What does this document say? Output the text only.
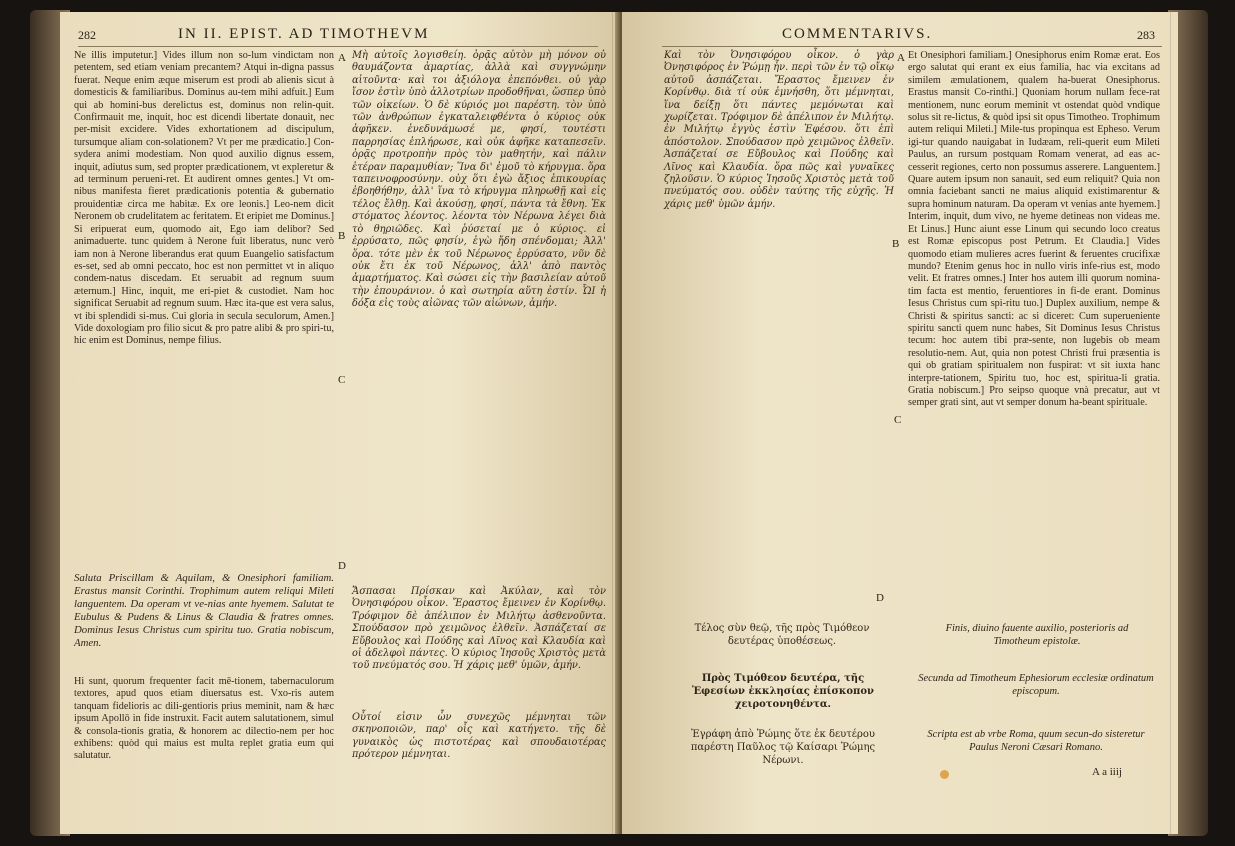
282	IN II. EPIST. AD TIMOTHEVM

Ne illis imputetur.] Vides illum non so-lum vindictam non petentem, sed etiam veniam precantem? Atqui in-digna passus fuerat. Neque enim æque miserum est prodi ab alienis sicut à domesticis & familiaribus. Dominus au-tem mihi adfuit.] Eum qui ab homini-bus derelictus est, dominus non relin-quit. Confirmauit me, inquit, hoc est dicendi libertate donauit, nec per-misit excidere. Vides exhortationem ad discipulum, tursumque aliam con-solationem? Vt per me prædicatio.] Con-sydera animi modestiam. Non quod auxilio dignus essem, inquit, adiutus sum, sed propter prædicationem, vt expleretur & ad terminum perueni-ret. Et audirent omnes gentes.] Vt om-nibus manifesta fieret prædicationis potentia & gubernatio prouidentiæ circa me habitæ. Ex ore leonis.] Leo-nem dicit Neronem ob crudelitatem ac feritatem. Et eripiet me Dominus.] Si eripuerat eum, quomodo ait, Ego iam delibor? Sed animaduerte. tunc quidem à Nerone fuit liberatus, nunc verò iam non à Nerone liberandus erat quum Euangelio satisfactum es-set, sed ab omni peccato, hoc est non permittet vt in aliquo condem-natus discedam. Et seruabit ad regnum suum æternum.] Hinc, inquit, me eri-piet & custodiet. Nam hoc significat Seruabit ad regnum suum. Hæc ita-que est vera salus, vt ibi splendidi si-mus. Cui gloria in secula seculorum, Amen.] Vide doxologiam pro filio sicut & pro patre alibi & pro spiri-tu, hic enim est Dominus, nempe filius.

Saluta Priscillam & Aquilam, & Onesiphori familiam. Erastus mansit Corinthi. Trophimum autem reliqui Mileti languentem. Da operam vt ve-nias ante hyemem. Salutat te Eubulus & Pudens & Linus & Claudia & fratres omnes. Dominus Iesus Christus cum spiritu tuo. Gratia nobiscum, Amen.

Hi sunt, quorum frequenter facit mē-tionem, tabernaculorum textores, apud quos etiam diuersatus est. Vxo-ris autem tanquam fidelioris ac dili-gentioris prius meminit, nam & hæc ipsum Apollō in fide instruxit. Facit autem salutationem, simul & consola-tionis gratia, & honorem ac dilectio-nem per hoc exhibens: quòd qui maius est multa replet gratia eum qui salutatur.

A
B
C
D

Μὴ αὐτοῖς λογισθείη. ὁρᾷς αὐτὸν μὴ μόνον οὐ θαυμάζοντα ἁμαρτίας, ἀλλὰ καὶ συγγνώμην αἰτοῦντα· καὶ τοι ἀξιόλογα ἐπεπόνθει. οὐ γὰρ ἴσον ἐστὶν ὑπὸ ἀλλοτρίων προδοθῆναι, ὥσπερ ὑπὸ τῶν οἰκείων. Ὁ δὲ κύριός μοι παρέστη. τὸν ὑπὸ τῶν ἀνθρώπων ἐγκαταλειφθέντα ὁ κύριος οὐκ ἀφῆκεν. ἐνεδυνάμωσέ με, φησί, τουτέστι παρρησίας ἐπλήρωσε, καὶ οὐκ ἀφῆκε καταπεσεῖν. ὁρᾷς προτροπὴν πρὸς τὸν μαθητήν, καὶ πάλιν ἑτέραν παραμυθίαν; Ἵνα δι' ἐμοῦ τὸ κήρυγμα. ὅρα ταπεινοφροσύνην. οὐχ ὅτι ἐγὼ ἄξιος ἐπικουρίας ἐβοηθήθην, ἀλλ' ἵνα τὸ κήρυγμα πληρωθῇ καὶ εἰς τέλος ἔλθῃ. Καὶ ἀκούσῃ, φησί, πάντα τὰ ἔθνη. Ἐκ στόματος λέοντος. λέοντα τὸν Νέρωνα λέγει διὰ τὸ θηριῶδες. Καὶ ῥύσεταί με ὁ κύριος. εἰ ἐρρύσατο, πῶς φησίν, ἐγὼ ἤδη σπένδομαι; Ἀλλ' ὅρα. τότε μὲν ἐκ τοῦ Νέρωνος ἐρρύσατο, νῦν δὲ οὐκ ἔτι ἐκ τοῦ Νέρωνος, ἀλλ' ἀπὸ παντὸς ἁμαρτήματος. Καὶ σώσει εἰς τὴν βασιλείαν αὐτοῦ τὴν ἐπουράνιον. ὁ καὶ σωτηρία αὕτη ἐστίν. ὯΙ ἡ δόξα εἰς τοὺς αἰῶνας τῶν αἰώνων, ἀμήν.

Ἄσπασαι Πρίσκαν καὶ Ἀκύλαν, καὶ τὸν Ὀνησιφόρου οἶκον. Ἔραστος ἔμεινεν ἐν Κορίνθῳ. Τρόφιμον δὲ ἀπέλιπον ἐν Μιλήτῳ ἀσθενοῦντα. Σπούδασον πρὸ χειμῶνος ἐλθεῖν. Ἀσπάζεταί σε Εὔβουλος καὶ Πούδης καὶ Λῖνος καὶ Κλαυδία καὶ οἱ ἀδελφοὶ πάντες. Ὁ κύριος Ἰησοῦς Χριστὸς μετὰ τοῦ πνεύματός σου. Ἡ χάρις μεθ' ὑμῶν, ἀμήν.

Οὗτοί εἰσιν ὧν συνεχῶς μέμνηται τῶν σκηνοποιῶν, παρ' οἷς καὶ κατήγετο. τῆς δὲ γυναικὸς ὡς πιστοτέρας καὶ σπουδαιοτέρας πρότερον μέμνηται.

COMMENTARIVS.	283

Καὶ τὸν Ὀνησιφόρου οἶκον. ὁ γὰρ Ὀνησιφόρος ἐν Ῥώμῃ ἦν. περὶ τῶν ἐν τῷ οἴκῳ αὐτοῦ ἀσπάζεται. Ἔραστος ἔμεινεν ἐν Κορίνθῳ. διὰ τί οὐκ ἐμνήσθη, ὅτι μέμνηται, ἵνα δείξῃ ὅτι πάντες μεμόνωται καὶ χωρίζεται. Τρόφιμον δὲ ἀπέλιπον ἐν Μιλήτῳ. ἐν Μιλήτῳ ἐγγὺς ἐστὶν Ἐφέσου. ὅτι ἐπὶ ἀπόστολον. Σπούδασον πρὸ χειμῶνος ἐλθεῖν. Ἀσπάζεταί σε Εὔβουλος καὶ Πούδης καὶ Λῖνος καὶ Κλαυδία. ὅρα πῶς καὶ γυναῖκες ζηλοῦσιν. Ὁ κύριος Ἰησοῦς Χριστὸς μετὰ τοῦ πνεύματός σου. οὐδὲν ταύτης τῆς εὐχῆς. Ἡ χάρις μεθ' ὑμῶν ἀμήν.

A
B
C
D

Et Onesiphori familiam.] Onesiphorus enim Romæ erat. Eos ergo salutat qui erant ex eius familia, hac via excitans ad similem æmulationem, qualem ha-buerat Onesiphorus. Erastus mansit Co-rinthi.] Quoniam horum nullam fece-rat mentionem, nunc eorum meminit vt ostendat quòd vndique solus sit re-lictus, & quòd ipsi sit opus Timotheo. Trophimum autem reliqui Mileti.] Mile-tus propinqua est Epheso. Verum igi-tur quando nauigabat in Iudæam, reli-querit eum Mileti Paulus, an rursum postquam Romam venerat, ad eas ac-cesserit regiones, certo non possumus asserere. Languentem.] Quare autem ipsum non sanauit, sed eum reliquit? Quia non omnia faciebant sancti ne maius aliquid existimarentur & supra hominum naturam. Da operam vt venias ante hyemem.] Interim, inquit, dum vivo, ne hyeme detineas non videas me. Et Linus.] Hunc aiunt esse Linum qui secundo loco creatus est Romæ episcopus post Petrum. Et Claudia.] Vides quomodo etiam mulieres acres fuerint & feruentes crucifixæ mundo? Etenim genus hoc in nullo viris infe-rius est, modo velit. Et fratres omnes.] Inter hos autem illi quorum nomina-tim facta est mentio, feruentiores in fi-de erant. Dominus Iesus Christus cum spi-ritu tuo.] Duplex auxilium, nempe & Christi & spiritus sancti: ac si diceret: Cum superueniente spiritu sancti quem nunc habes, Sit Dominus Iesus Christus tecum: hoc autem tibi præ-sente, non lugebis ob meam resolutio-nem. Aut, quia non potest Christi frui præsentia is qui ob gratiam spiritualem non fuspirat: vt sit iuxta hanc interpre-tationem, Spiritu tuo, hoc est, spiritua-li gratia. Gratia nobiscum.] Pro seipso quoque vnà precatur, aut vt semper grati sint, aut vt semper donum ha-beant spirituale.

Τέλος σὺν θεῷ, τῆς πρὸς Τιμόθεον δευτέρας ὑποθέσεως.
Πρὸς Τιμόθεον δευτέρα, τῆς Ἐφεσίων ἐκκλησίας ἐπίσκοπον χειροτονηθέντα.
Ἐγράφη ἀπὸ Ῥώμης ὅτε ἐκ δευτέρου παρέστη Παῦλος τῷ Καίσαρι Ῥώμης Νέρωνι.
Finis, diuino fauente auxilio, posterioris ad Timotheum epistolæ.
Secunda ad Timotheum Ephesiorum ecclesiæ ordinatum episcopum.
Scripta est ab vrbe Roma, quum secun-do sisteretur Paulus Neroni Cæsari Romano.
A a iiij
